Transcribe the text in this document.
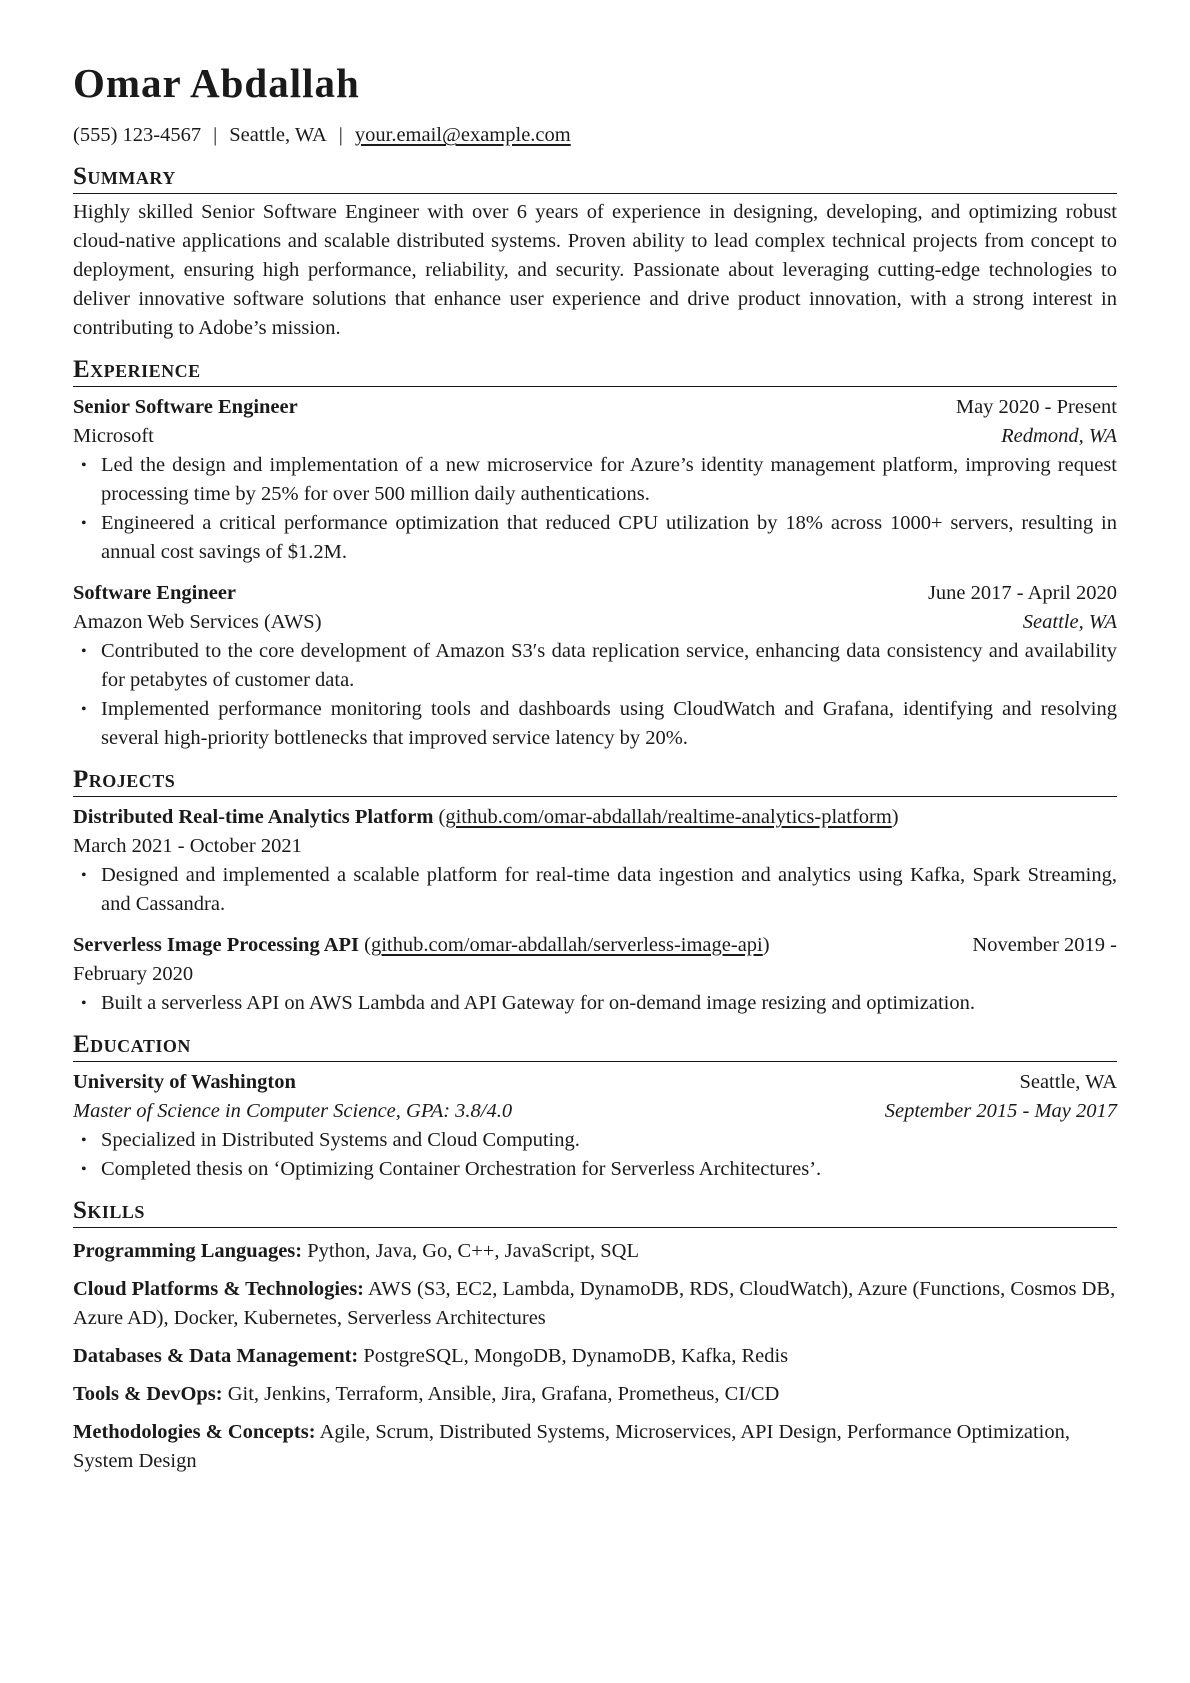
Omar Abdallah
(555) 123-4567 | Seattle, WA | your.email@example.com
Summary
Highly skilled Senior Software Engineer with over 6 years of experience in designing, developing, and optimizing robust cloud-native applications and scalable distributed systems. Proven ability to lead complex technical projects from concept to deployment, ensuring high performance, reliability, and security. Passionate about leveraging cutting-edge technologies to deliver innovative software solutions that enhance user experience and drive product innovation, with a strong interest in contributing to Adobe’s mission.
Experience
Senior Software Engineer	May 2020 - Present
Microsoft	Redmond, WA
• Led the design and implementation of a new microservice for Azure’s identity management platform, improving request processing time by 25% for over 500 million daily authentications.
• Engineered a critical performance optimization that reduced CPU utilization by 18% across 1000+ servers, resulting in annual cost savings of $1.2M.
Software Engineer	June 2017 - April 2020
Amazon Web Services (AWS)	Seattle, WA
• Contributed to the core development of Amazon S3′s data replication service, enhancing data consistency and availability for petabytes of customer data.
• Implemented performance monitoring tools and dashboards using CloudWatch and Grafana, identifying and resolving several high-priority bottlenecks that improved service latency by 20%.
Projects
Distributed Real-time Analytics Platform (github.com/omar-abdallah/realtime-analytics-platform)
March 2021 - October 2021
• Designed and implemented a scalable platform for real-time data ingestion and analytics using Kafka, Spark Streaming, and Cassandra.
Serverless Image Processing API (github.com/omar-abdallah/serverless-image-api)	November 2019 -
February 2020
• Built a serverless API on AWS Lambda and API Gateway for on-demand image resizing and optimization.
Education
University of Washington	Seattle, WA
Master of Science in Computer Science, GPA: 3.8/4.0	September 2015 - May 2017
• Specialized in Distributed Systems and Cloud Computing.
• Completed thesis on ‘Optimizing Container Orchestration for Serverless Architectures’.
Skills
Programming Languages: Python, Java, Go, C++, JavaScript, SQL
Cloud Platforms & Technologies: AWS (S3, EC2, Lambda, DynamoDB, RDS, CloudWatch), Azure (Functions, Cosmos DB, Azure AD), Docker, Kubernetes, Serverless Architectures
Databases & Data Management: PostgreSQL, MongoDB, DynamoDB, Kafka, Redis
Tools & DevOps: Git, Jenkins, Terraform, Ansible, Jira, Grafana, Prometheus, CI/CD
Methodologies & Concepts: Agile, Scrum, Distributed Systems, Microservices, API Design, Performance Optimization, System Design
